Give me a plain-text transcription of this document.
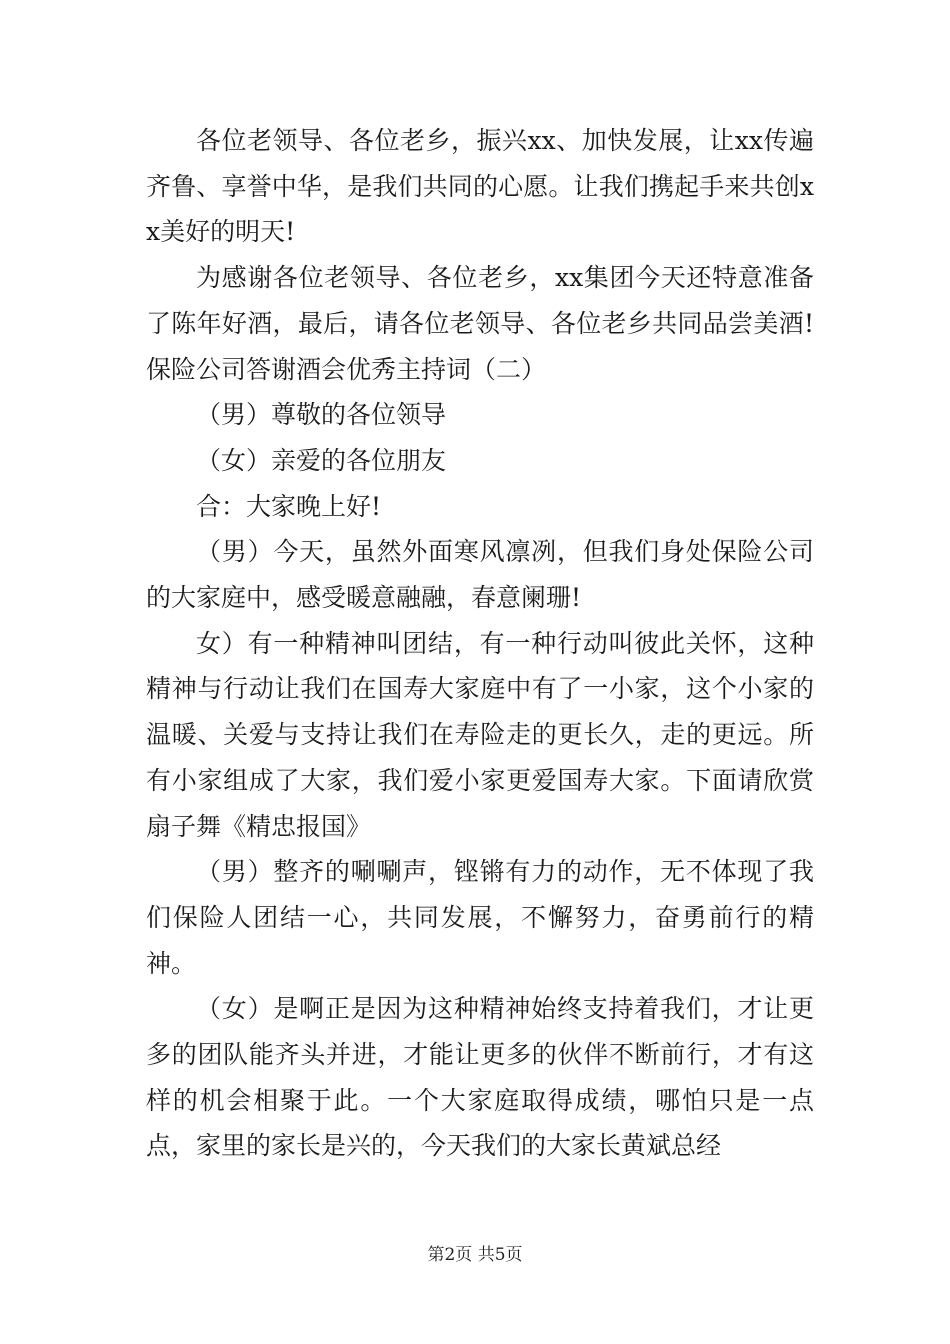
各位老领导、各位老乡，振兴xx、加快发展，让xx传遍齐鲁、享誉中华，是我们共同的心愿。让我们携起手来共创xx美好的明天!

为感谢各位老领导、各位老乡，xx集团今天还特意准备了陈年好酒，最后，请各位老领导、各位老乡共同品尝美酒!保险公司答谢酒会优秀主持词（二）

（男）尊敬的各位领导

（女）亲爱的各位朋友

合：大家晚上好!

（男）今天，虽然外面寒风凛冽，但我们身处保险公司的大家庭中，感受暖意融融，春意阑珊!

女）有一种精神叫团结，有一种行动叫彼此关怀，这种精神与行动让我们在国寿大家庭中有了一小家，这个小家的温暖、关爱与支持让我们在寿险走的更长久，走的更远。所有小家组成了大家，我们爱小家更爱国寿大家。下面请欣赏扇子舞《精忠报国》

（男）整齐的唰唰声，铿锵有力的动作，无不体现了我们保险人团结一心，共同发展，不懈努力，奋勇前行的精神。

（女）是啊正是因为这种精神始终支持着我们，才让更多的团队能齐头并进，才能让更多的伙伴不断前行，才有这样的机会相聚于此。一个大家庭取得成绩，哪怕只是一点点，家里的家长是兴的，今天我们的大家长黄斌总经

第2页 共5页
